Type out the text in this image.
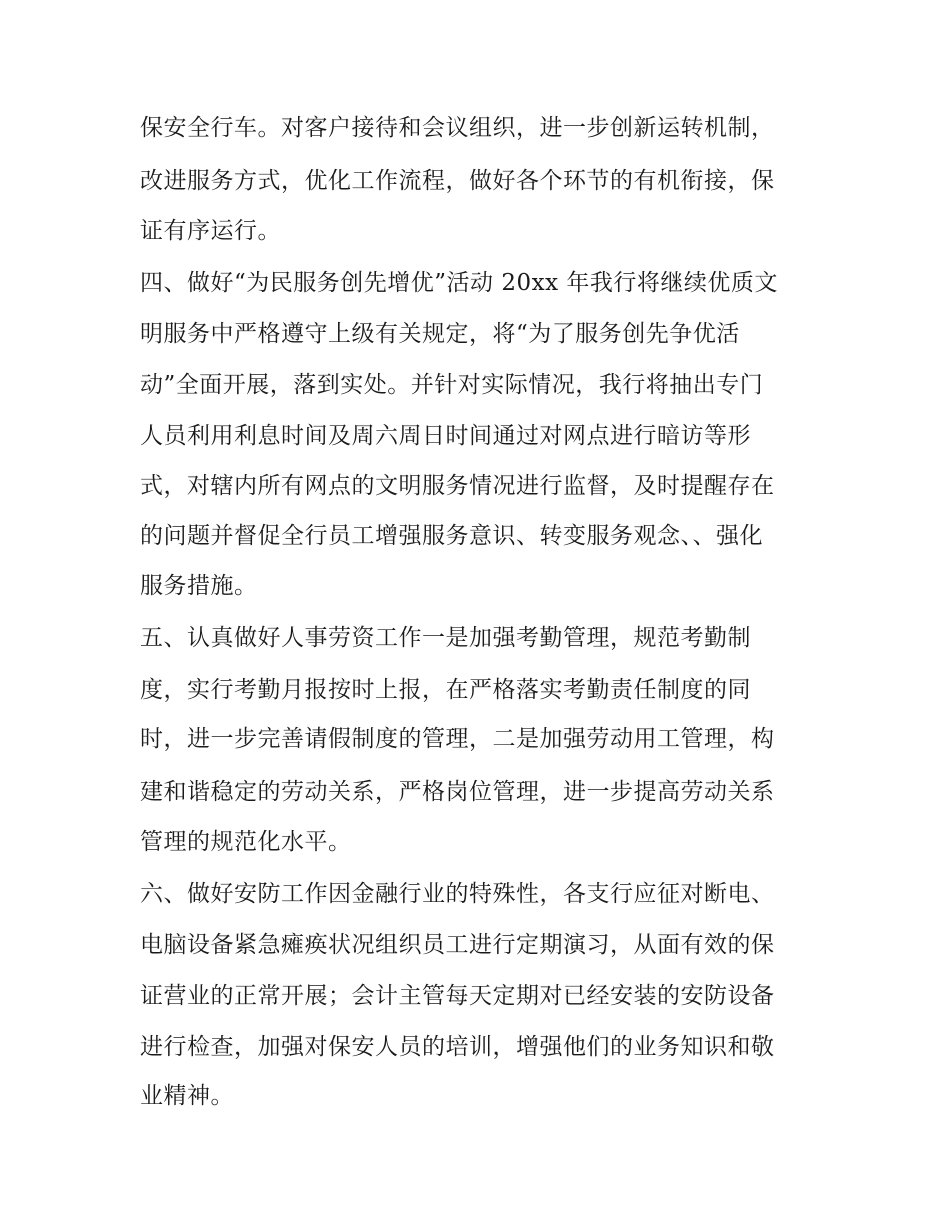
保安全行车。对客户接待和会议组织，进一步创新运转机制，
改进服务方式，优化工作流程，做好各个环节的有机衔接，保
证有序运行。
四、做好“为民服务创先增优”活动 20xx 年我行将继续优质文
明服务中严格遵守上级有关规定，将“为了服务创先争优活
动”全面开展，落到实处。并针对实际情况，我行将抽出专门
人员利用利息时间及周六周日时间通过对网点进行暗访等形
式，对辖内所有网点的文明服务情况进行监督，及时提醒存在
的问题并督促全行员工增强服务意识、转变服务观念、、强化
服务措施。
五、认真做好人事劳资工作一是加强考勤管理，规范考勤制
度，实行考勤月报按时上报，在严格落实考勤责任制度的同
时，进一步完善请假制度的管理，二是加强劳动用工管理，构
建和谐稳定的劳动关系，严格岗位管理，进一步提高劳动关系
管理的规范化水平。
六、做好安防工作因金融行业的特殊性，各支行应征对断电、
电脑设备紧急瘫痪状况组织员工进行定期演习，从面有效的保
证营业的正常开展；会计主管每天定期对已经安装的安防设备
进行检查，加强对保安人员的培训，增强他们的业务知识和敬
业精神。
